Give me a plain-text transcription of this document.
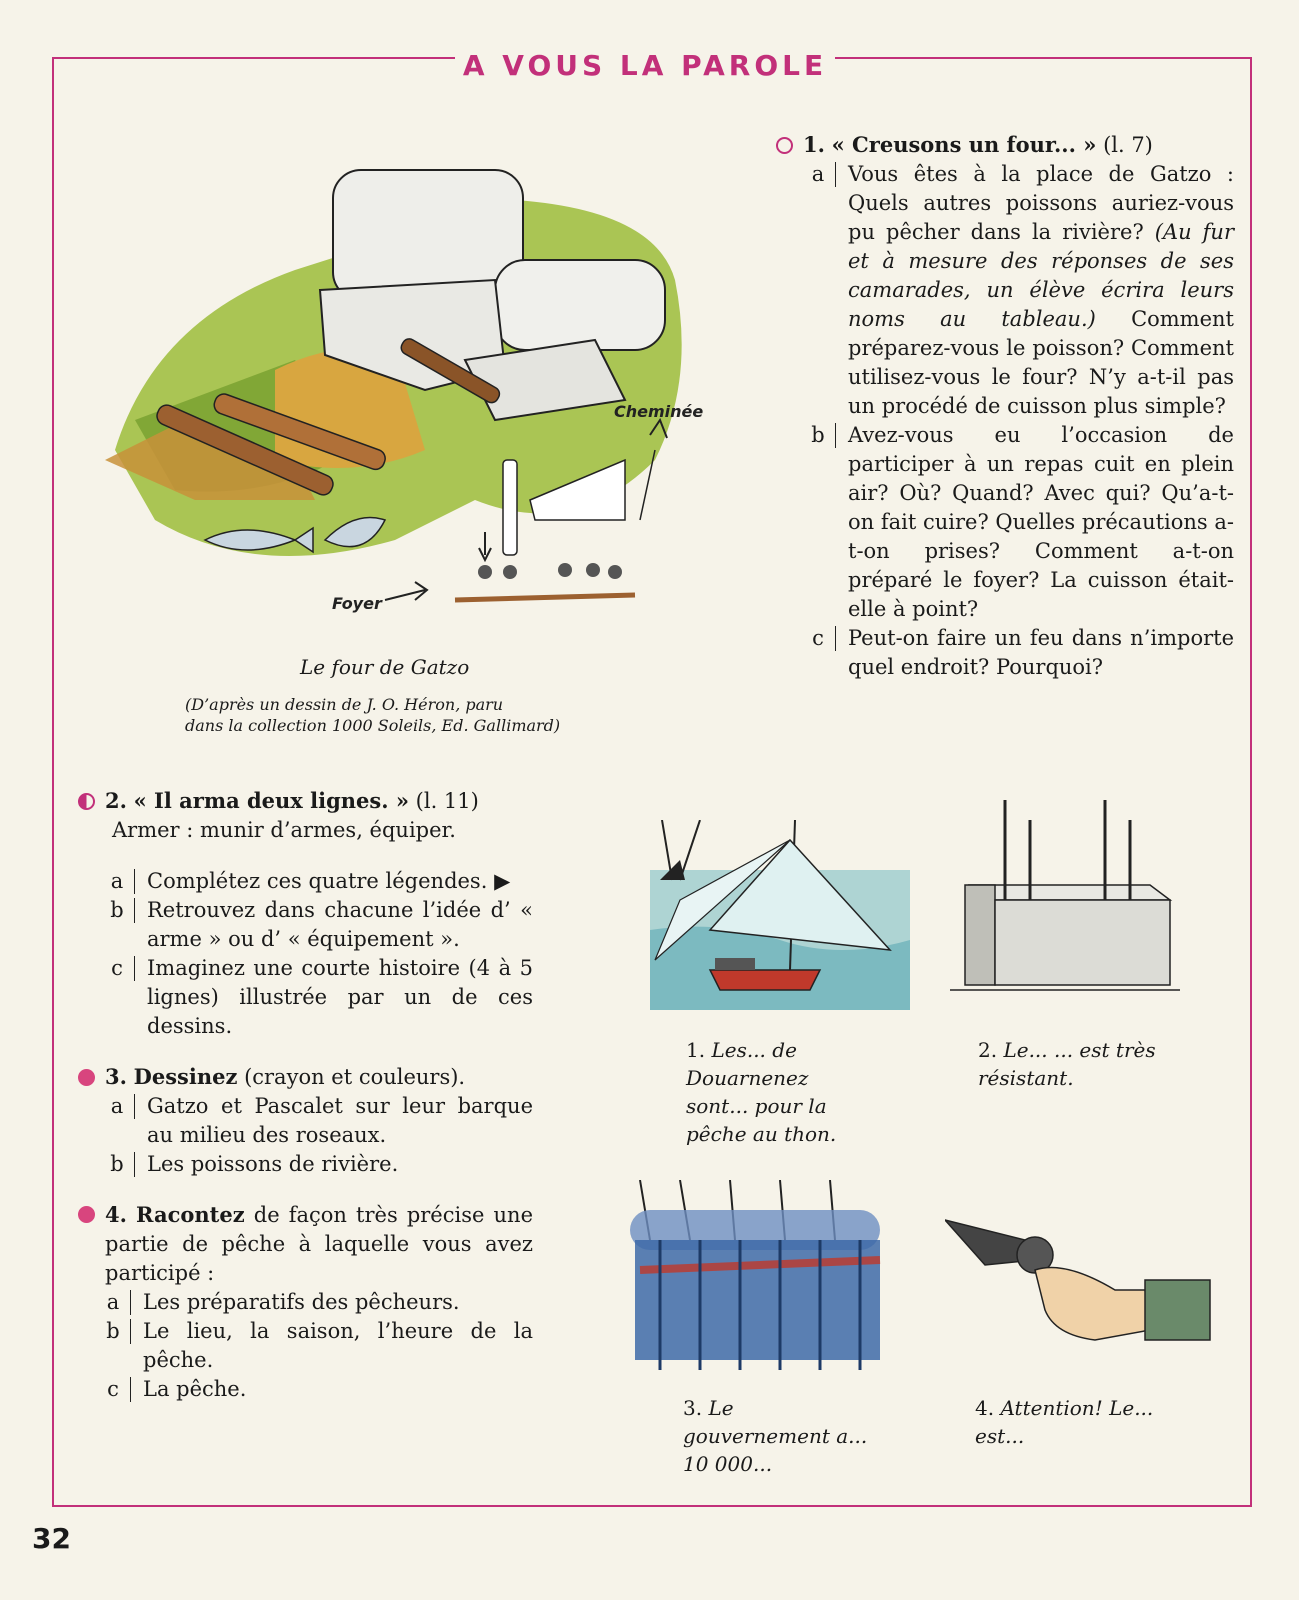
A VOUS LA PAROLE
Cheminée
Foyer
Le four de Gatzo
(D’après un dessin de J. O. Héron, paru
dans la collection 1000 Soleils, Ed. Gallimard)
1. « Creusons un four... » (l. 7)
a	Vous êtes à la place de Gatzo : Quels autres poissons auriez-vous pu pêcher dans la rivière? (Au fur et à mesure des réponses de ses camarades, un élève écrira leurs noms au tableau.) Comment préparez-vous le poisson? Comment utilisez-vous le four? N’y a-t-il pas un procédé de cuisson plus simple?
b	Avez-vous eu l’occasion de participer à un repas cuit en plein air? Où? Quand? Avec qui? Qu’a-t-on fait cuire? Quelles précautions a-t-on prises? Comment a-t-on préparé le foyer? La cuisson était-elle à point?
c	Peut-on faire un feu dans n’importe quel endroit? Pourquoi?
2. « Il arma deux lignes. » (l. 11)
Armer : munir d’armes, équiper.
a	Complétez ces quatre légendes. ▶
b	Retrouvez dans chacune l’idée d’ « arme » ou d’ « équipement ».
c	Imaginez une courte histoire (4 à 5 lignes) illustrée par un de ces dessins.
3. Dessinez (crayon et couleurs).
a	Gatzo et Pascalet sur leur barque au milieu des roseaux.
b	Les poissons de rivière.
4. Racontez de façon très précise une partie de pêche à laquelle vous avez participé :
a	Les préparatifs des pêcheurs.
b	Le lieu, la saison, l’heure de la pêche.
c	La pêche.
1. Les... de Douarnenez sont... pour la pêche au thon.
2. Le... ... est très résistant.
3. Le gouvernement a... 10 000...
4. Attention! Le... est...
32
